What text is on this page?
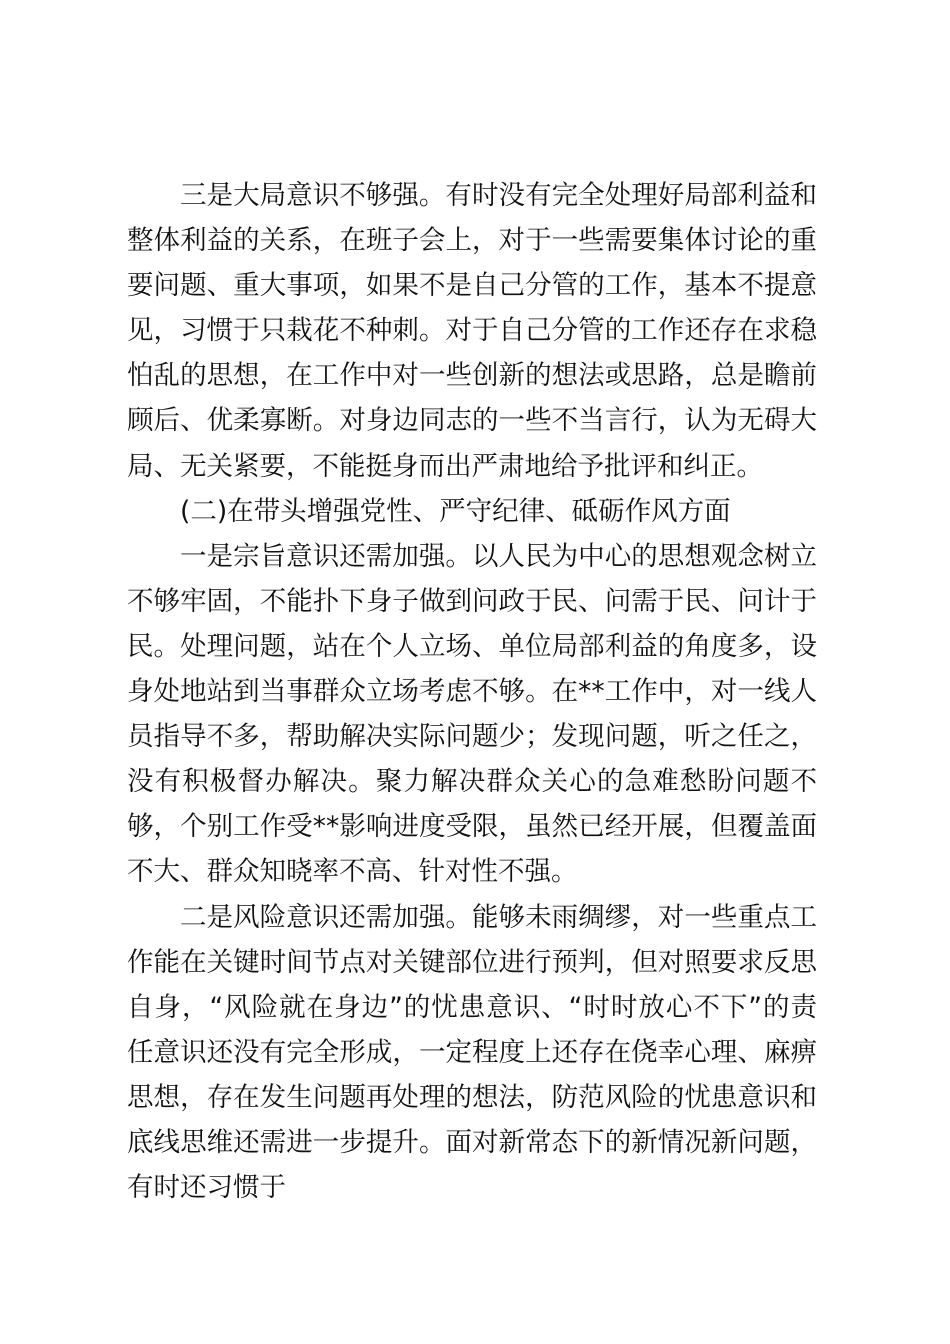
三是大局意识不够强。有时没有完全处理好局部利益和整体利益的关系，在班子会上，对于一些需要集体讨论的重要问题、重大事项，如果不是自己分管的工作，基本不提意见，习惯于只栽花不种刺。对于自己分管的工作还存在求稳怕乱的思想，在工作中对一些创新的想法或思路，总是瞻前顾后、优柔寡断。对身边同志的一些不当言行，认为无碍大局、无关紧要，不能挺身而出严肃地给予批评和纠正。

(二)在带头增强党性、严守纪律、砥砺作风方面

一是宗旨意识还需加强。以人民为中心的思想观念树立不够牢固，不能扑下身子做到问政于民、问需于民、问计于民。处理问题，站在个人立场、单位局部利益的角度多，设身处地站到当事群众立场考虑不够。在**工作中，对一线人员指导不多，帮助解决实际问题少；发现问题，听之任之，没有积极督办解决。聚力解决群众关心的急难愁盼问题不够，个别工作受**影响进度受限，虽然已经开展，但覆盖面不大、群众知晓率不高、针对性不强。

二是风险意识还需加强。能够未雨绸缪，对一些重点工作能在关键时间节点对关键部位进行预判，但对照要求反思自身，“风险就在身边”的忧患意识、“时时放心不下”的责任意识还没有完全形成，一定程度上还存在侥幸心理、麻痹思想，存在发生问题再处理的想法，防范风险的忧患意识和底线思维还需进一步提升。面对新常态下的新情况新问题，有时还习惯于
